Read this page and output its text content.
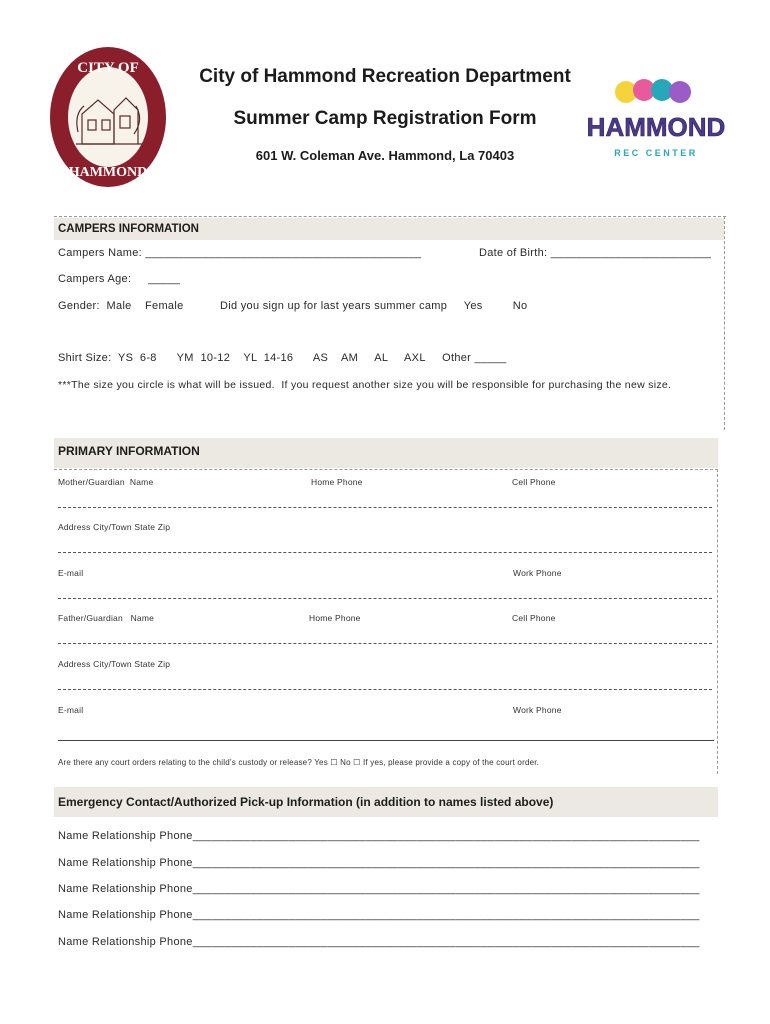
CITY OF
HAMMOND
City of Hammond Recreation Department
Summer Camp Registration Form
601 W. Coleman Ave. Hammond, La 70403
HAMMOND
REC CENTER
CAMPERS INFORMATION
Campers Name: ___________________________________________	Date of Birth: _________________________
Campers Age:     _____
Gender:  Male    Female	Did you sign up for last years summer camp     Yes         No
Shirt Size:  YS  6-8      YM  10-12    YL  14-16      AS    AM     AL     AXL     Other _____
***The size you circle is what will be issued.  If you request another size you will be responsible for purchasing the new size.
PRIMARY INFORMATION
Mother/Guardian  Name	Home Phone	Cell Phone
Address City/Town State Zip
E-mail	Work Phone
Father/Guardian   Name	Home Phone	Cell Phone
Address City/Town State Zip
E-mail	Work Phone
Are there any court orders relating to the child’s custody or release? Yes ☐ No ☐ If yes, please provide a copy of the court order.
Emergency Contact/Authorized Pick-up Information (in addition to names listed above)
Name Relationship Phone_______________________________________________________________________________
Name Relationship Phone_______________________________________________________________________________
Name Relationship Phone_______________________________________________________________________________
Name Relationship Phone_______________________________________________________________________________
Name Relationship Phone_______________________________________________________________________________
